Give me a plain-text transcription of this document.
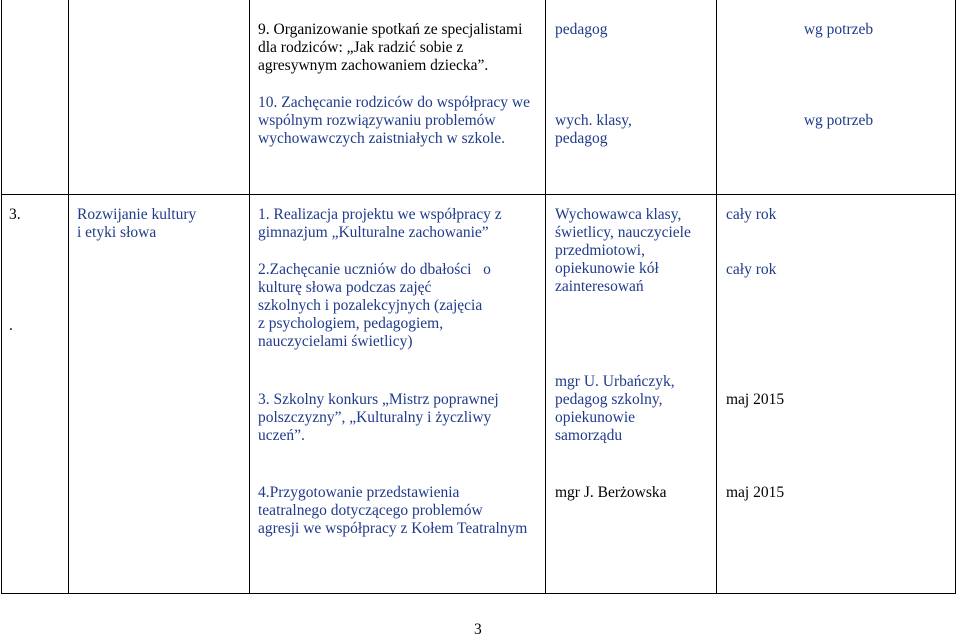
9. Organizowanie spotkań ze specjalistami
dla rodziców: „Jak radzić sobie z
agresywnym zachowaniem dziecka”.
pedagog	wg potrzeb
10. Zachęcanie rodziców do współpracy we
wspólnym rozwiązywaniu problemów
wychowawczych zaistniałych w szkole.
wych. klasy,
pedagog
wg potrzeb
3.
.
Rozwijanie kultury
i etyki słowa
1. Realizacja projektu we współpracy z
gimnazjum „Kulturalne zachowanie”
2.Zachęcanie uczniów do dbałości   o
kulturę słowa podczas zajęć
szkolnych i pozalekcyjnych (zajęcia
z psychologiem, pedagogiem,
nauczycielami świetlicy)
Wychowawca klasy,
świetlicy, nauczyciele
przedmiotowi,
opiekunowie kół
zainteresowań
cały rok
cały rok
3. Szkolny konkurs „Mistrz poprawnej
polszczyzny”, „Kulturalny i życzliwy
uczeń”.
mgr U. Urbańczyk,
pedagog szkolny,
opiekunowie
samorządu
maj 2015
4.Przygotowanie przedstawienia
teatralnego dotyczącego problemów
agresji we współpracy z Kołem Teatralnym
mgr J. Berżowska	maj 2015
3
